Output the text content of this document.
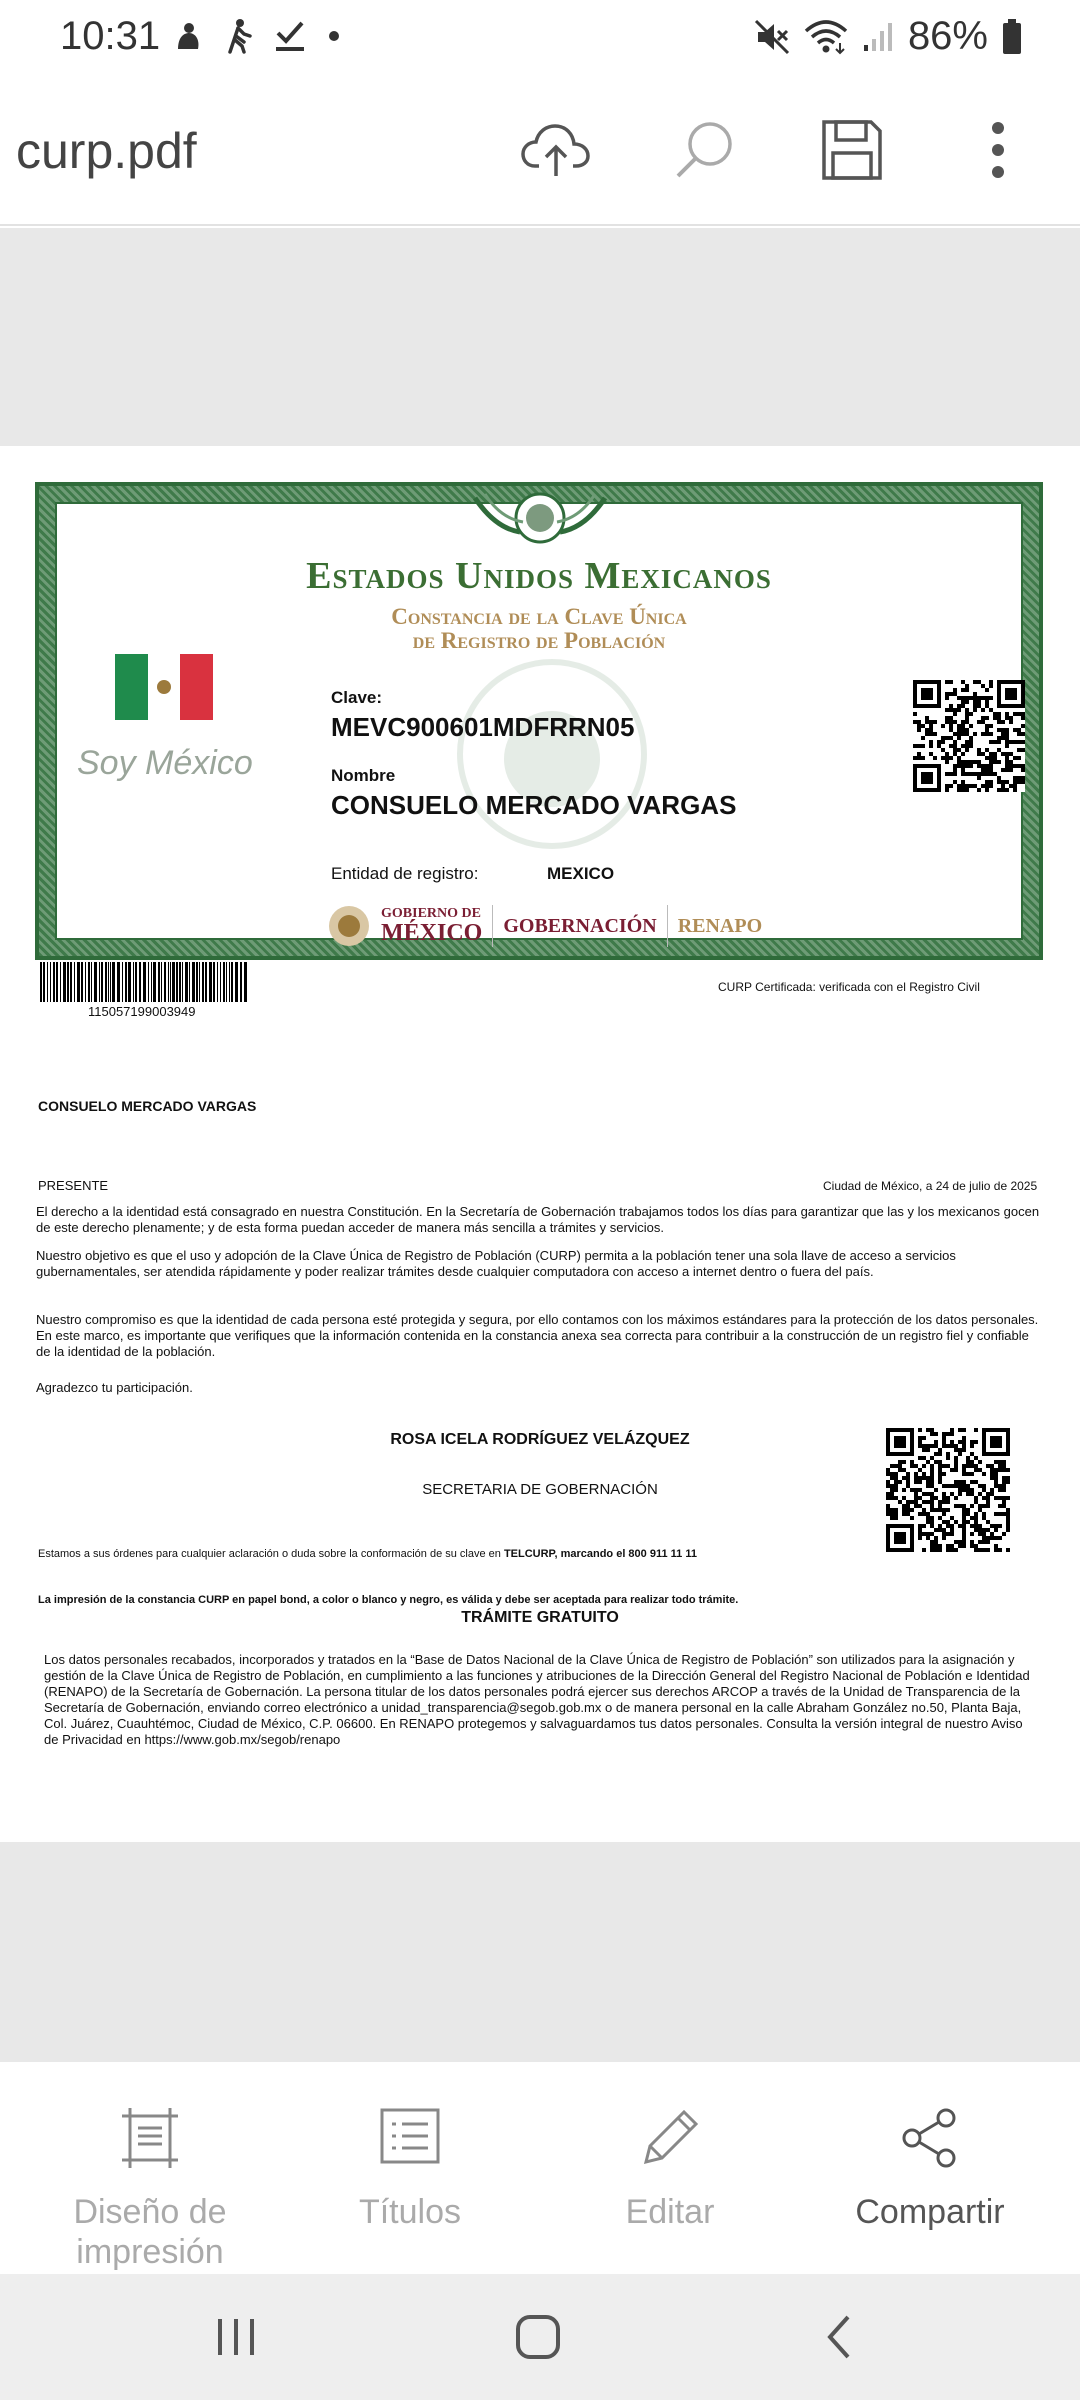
10:31	86%
curp.pdf
Estados Unidos Mexicanos
Constancia de la Clave Única
de Registro de Población
Soy México
Clave:
MEVC900601MDFRRN05
Nombre
CONSUELO MERCADO VARGAS
Entidad de registro:	MEXICO
GOBIERNO DE
MÉXICO GOBERNACIÓN RENAPO
115057199003949
CURP Certificada: verificada con el Registro Civil
CONSUELO MERCADO VARGAS
PRESENTE	Ciudad de México, a 24 de julio de 2025

El derecho a la identidad está consagrado en nuestra Constitución. En la Secretaría de Gobernación trabajamos todos los días para garantizar que las y los mexicanos gocen de este derecho plenamente; y de esta forma puedan acceder de manera más sencilla a trámites y servicios.

Nuestro objetivo es que el uso y adopción de la Clave Única de Registro de Población (CURP) permita a la población tener una sola llave de acceso a servicios gubernamentales, ser atendida rápidamente y poder realizar trámites desde cualquier computadora con acceso a internet dentro o fuera del país.

Nuestro compromiso es que la identidad de cada persona esté protegida y segura, por ello contamos con los máximos estándares para la protección de los datos personales. En este marco, es importante que verifiques que la información contenida en la constancia anexa sea correcta para contribuir a la construcción de un registro fiel y confiable de la identidad de la población.

Agradezco tu participación.
ROSA ICELA RODRÍGUEZ VELÁZQUEZ
SECRETARIA DE GOBERNACIÓN
Estamos a sus órdenes para cualquier aclaración o duda sobre la conformación de su clave en TELCURP, marcando el 800 911 11 11
La impresión de la constancia CURP en papel bond, a color o blanco y negro, es válida y debe ser aceptada para realizar todo trámite.
TRÁMITE GRATUITO

Los datos personales recabados, incorporados y tratados en la “Base de Datos Nacional de la Clave Única de Registro de Población” son utilizados para la asignación y gestión de la Clave Única de Registro de Población, en cumplimiento a las funciones y atribuciones de la Dirección General del Registro Nacional de Población e Identidad (RENAPO) de la Secretaría de Gobernación. La persona titular de los datos personales podrá ejercer sus derechos ARCOP a través de la Unidad de Transparencia de la Secretaría de Gobernación, enviando correo electrónico a unidad_transparencia@segob.gob.mx o de manera personal en la calle Abraham González no.50, Planta Baja, Col. Juárez, Cuauhtémoc, Ciudad de México, C.P. 06600. En RENAPO protegemos y salvaguardamos tus datos personales. Consulta la versión integral de nuestro Aviso de Privacidad en https://www.gob.mx/segob/renapo

Diseño de impresión
Títulos	Editar	Compartir
